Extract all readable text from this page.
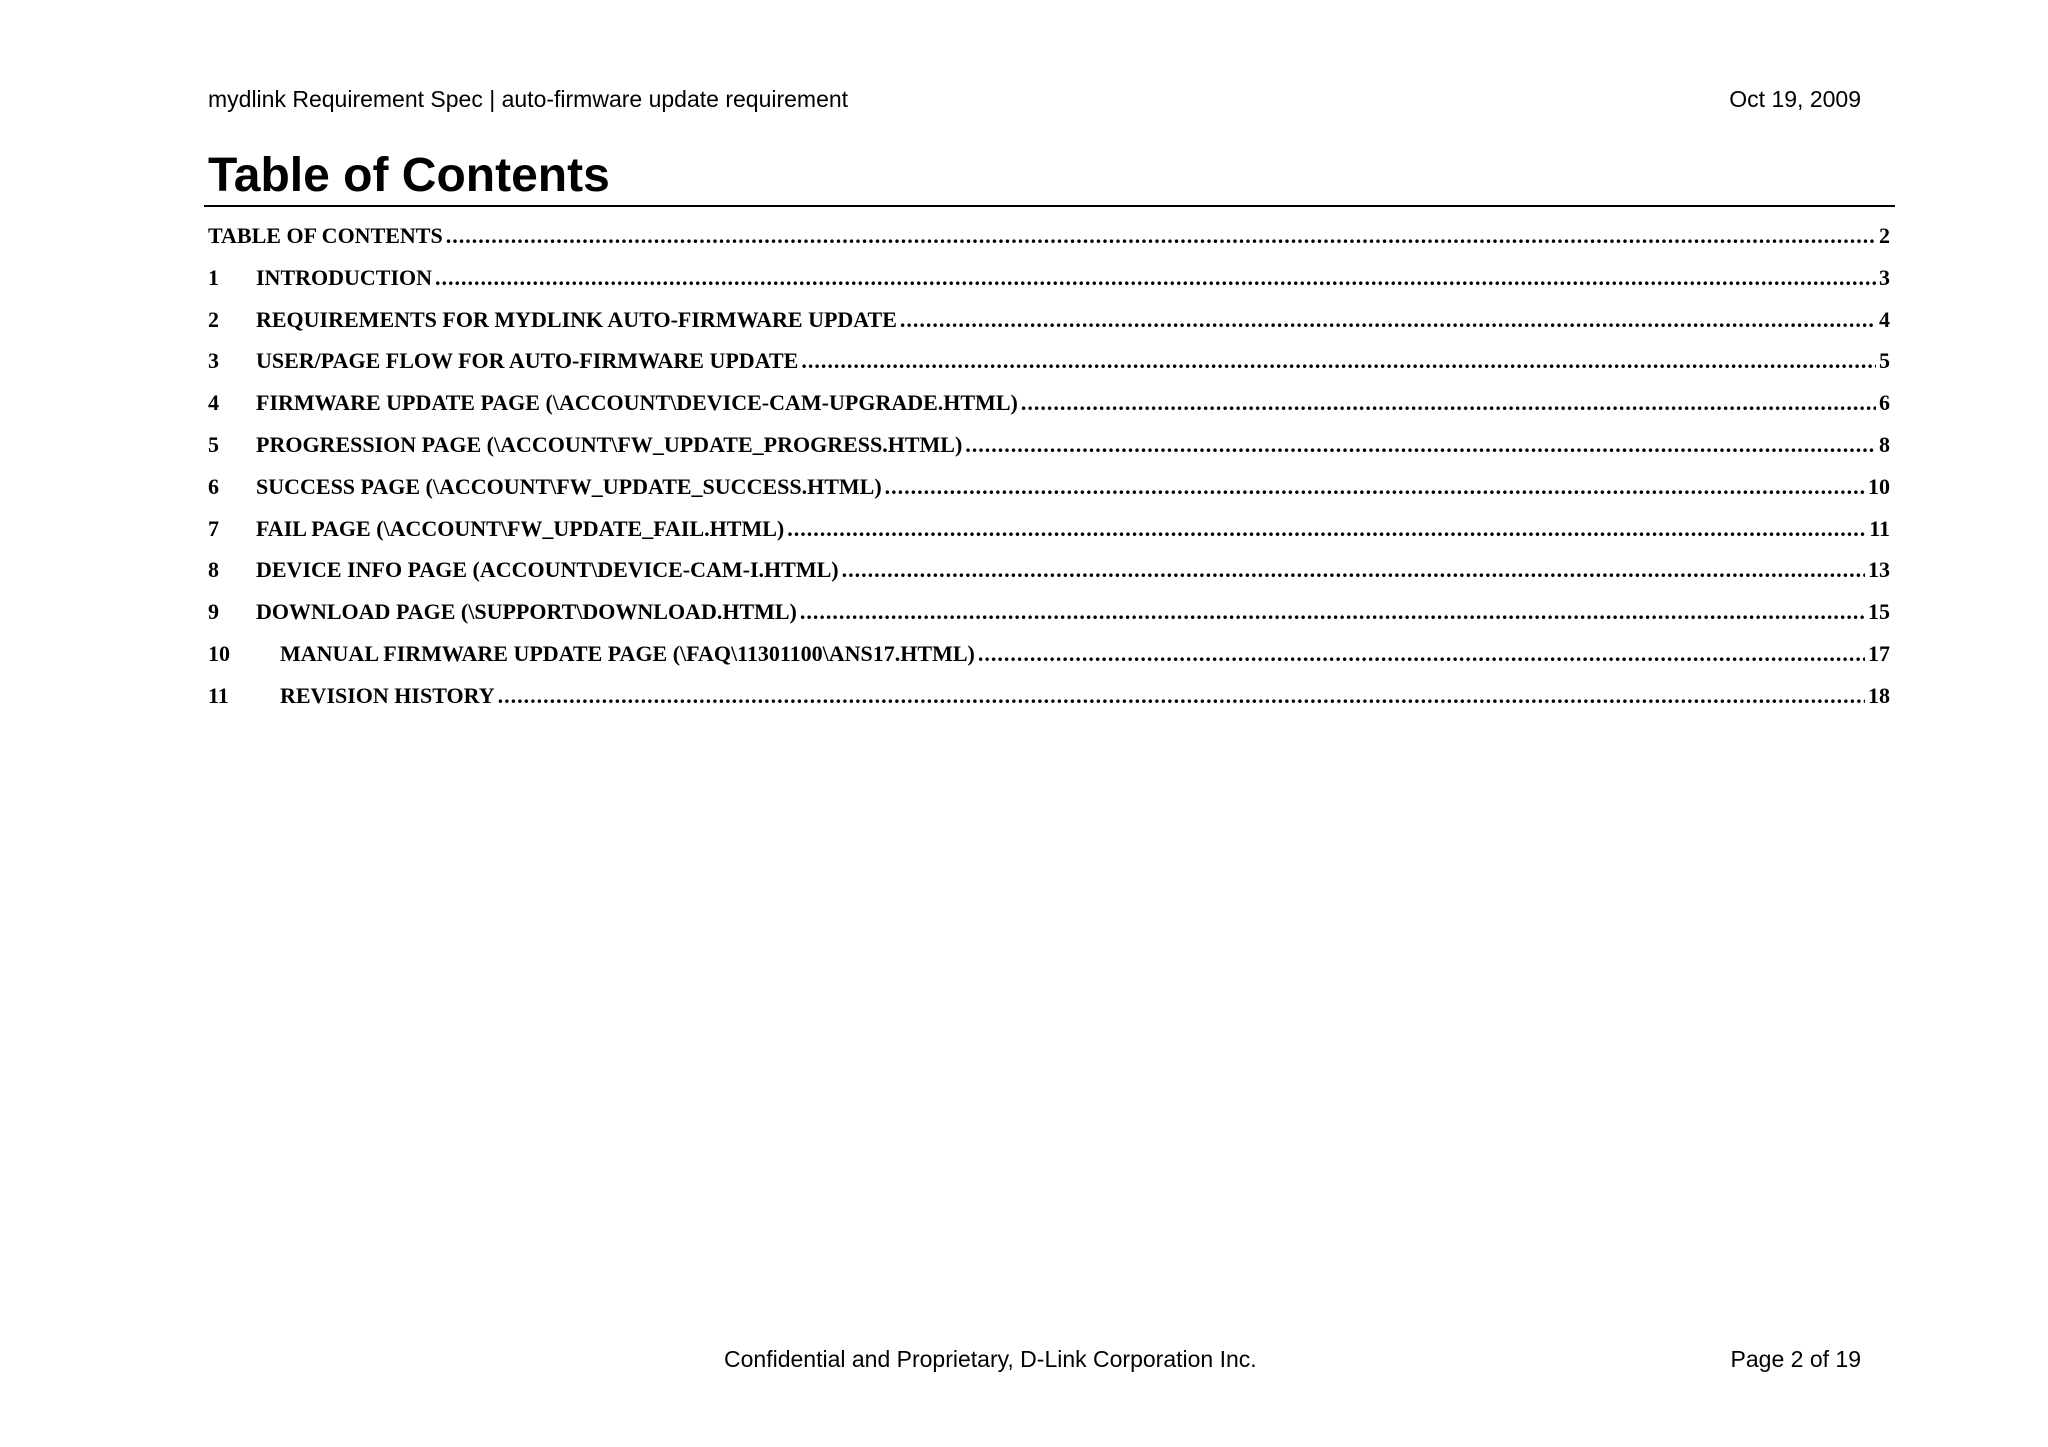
mydlink Requirement Spec | auto-firmware update requirement	Oct 19, 2009
Table of Contents
TABLE OF CONTENTS .....	2
1	INTRODUCTION .....	3
2	REQUIREMENTS FOR MYDLINK AUTO-FIRMWARE UPDATE .....	4
3	USER/PAGE FLOW FOR AUTO-FIRMWARE UPDATE .....	5
4	FIRMWARE UPDATE PAGE (\ACCOUNT\DEVICE-CAM-UPGRADE.HTML) .....	6
5	PROGRESSION PAGE (\ACCOUNT\FW_UPDATE_PROGRESS.HTML) .....	8
6	SUCCESS PAGE (\ACCOUNT\FW_UPDATE_SUCCESS.HTML) .....	10
7	FAIL PAGE (\ACCOUNT\FW_UPDATE_FAIL.HTML) .....	11
8	DEVICE INFO PAGE (ACCOUNT\DEVICE-CAM-I.HTML) .....	13
9	DOWNLOAD PAGE (\SUPPORT\DOWNLOAD.HTML) .....	15
10	MANUAL FIRMWARE UPDATE PAGE (\FAQ\11301100\ANS17.HTML) .....	17
11	REVISION HISTORY .....	18
Confidential and Proprietary, D-Link Corporation Inc.	Page 2 of 19
